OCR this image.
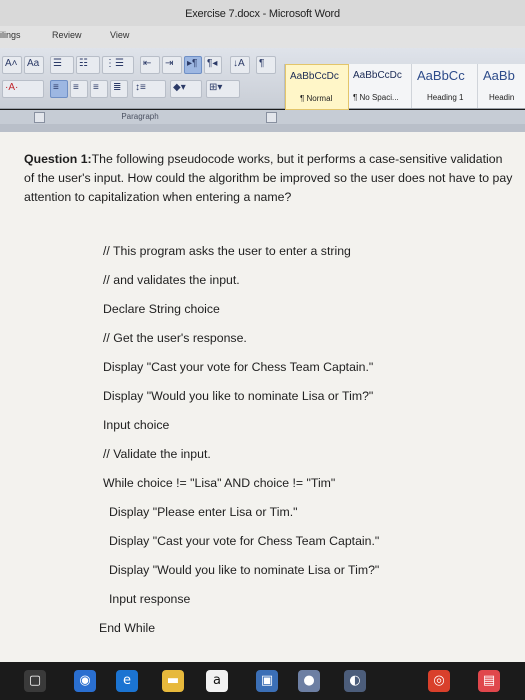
Exercise 7.docx - Microsoft Word
ilings	Review	View
A˄ Aa
·A·
☰ ☷ ⋮☰ ⇤ ⇥ ▸¶ ¶◂ ↓A ¶
≡ ≡ ≡ ≣ ↕≡	◆▾ ⊞▾
AaBbCcDc
¶ Normal
AaBbCcDc
¶ No Spaci...
AaBbCc
Heading 1
AaBb
Headin
Paragraph
Question 1:The following pseudocode works, but it performs a case-sensitive validation of the user's input. How could the algorithm be improved so the user does not have to pay attention to capitalization when entering a name?
// This program asks the user to enter a string
// and validates the input.
Declare String choice
// Get the user's response.
Display "Cast your vote for Chess Team Captain."
Display "Would you like to nominate Lisa or Tim?"
Input choice
// Validate the input.
While choice != "Lisa" AND choice != "Tim"
Display "Please enter Lisa or Tim."
Display "Cast your vote for Chess Team Captain."
Display "Would you like to nominate Lisa or Tim?"
Input response
End While
▢	◉	e	▬	a	▣	●	◐	◎	▤
